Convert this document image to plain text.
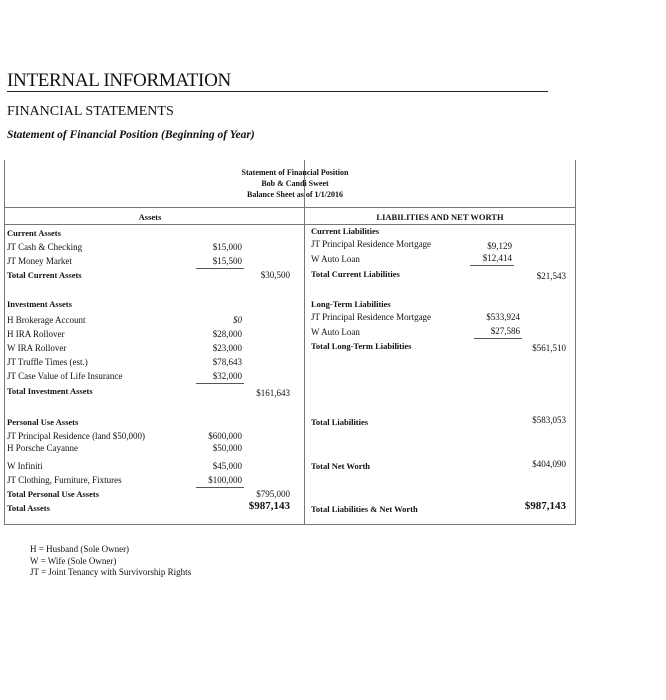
INTERNAL INFORMATION
FINANCIAL STATEMENTS
Statement of Financial Position (Beginning of Year)
Statement of Financial Position
Bob & Candi Sweet
Balance Sheet as of 1/1/2016
Assets	LIABILITIES AND NET WORTH
Current Assets
JT Cash & Checking	$15,000
JT Money Market	$15,500
Total Current Assets	$30,500
Investment Assets
H Brokerage Account	$0
H IRA Rollover	$28,000
W IRA Rollover	$23,000
JT Truffle Times (est.)	$78,643
JT Case Value of Life Insurance	$32,000
Total Investment Assets	$161,643
Personal Use Assets
JT Principal Residence (land $50,000)	$600,000
H Porsche Cayanne	$50,000
W Infiniti	$45,000
JT Clothing, Furniture, Fixtures	$100,000
Total Personal Use Assets	$795,000
Total Assets	$987,143
Current Liabilities
JT Principal Residence Mortgage	$9,129
W Auto Loan	$12,414
Total Current Liabilities	$21,543
Long-Term Liabilities
JT Principal Residence Mortgage	$533,924
W Auto Loan	$27,586
Total Long-Term Liabilities	$561,510
Total Liabilities	$583,053
Total Net Worth	$404,090
Total Liabilities & Net Worth	$987,143
H = Husband (Sole Owner)
W = Wife (Sole Owner)
JT = Joint Tenancy with Survivorship Rights
